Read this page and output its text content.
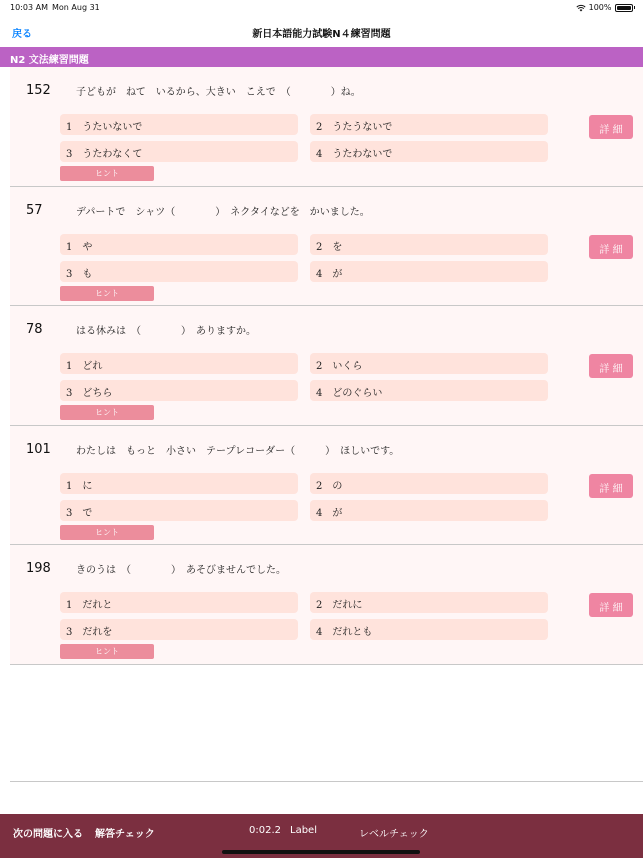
10:03 AM Mon Aug 31	100%
戻る	新日本語能力試験N４練習問題
N2 文法練習問題
152	子どもが　ねて　いるから、大きい　こえで　（　　　　）ね。
1　うたいないで	2　うたうないで
3　うたわなくて	4　うたわないで
ヒント
詳 細
57	デパートで　シャツ（　　　　）　ネクタイなどを　かいました。
1　や	2　を
3　も	4　が
ヒント
詳 細
78	はる休みは　（　　　　）　ありますか。
1　どれ	2　いくら
3　どちら	4　どのぐらい
ヒント
詳 細
101	わたしは　もっと　小さい　テープレコーダー（　　　）　ほしいです。
1　に	2　の
3　で	4　が
ヒント
詳 細
198	きのうは　（　　　　）　あそびませんでした。
1　だれと	2　だれに
3　だれを	4　だれとも
ヒント
詳 細
次の問題に入る 解答チェック	0:02.2 Label	レベルチェック
